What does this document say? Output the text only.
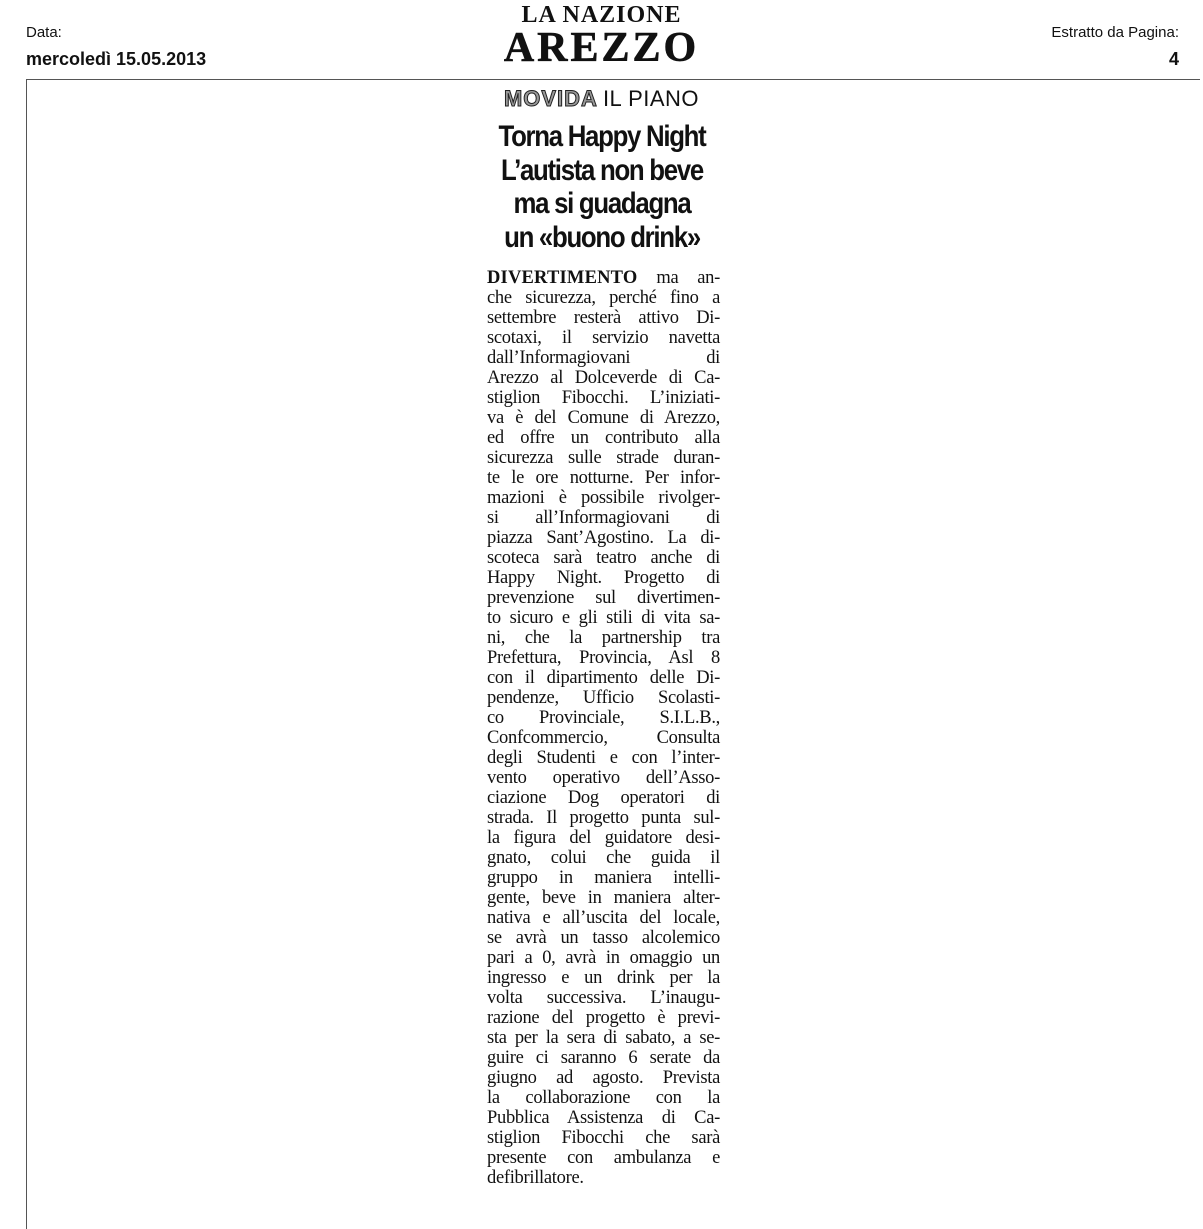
Data:
mercoledì 15.05.2013
LA NAZIONE
AREZZO	Estratto da Pagina:
4
MOVIDA IL PIANO
Torna Happy Night
L’autista non beve
ma si guadagna
un «buono drink»
DIVERTIMENTO ma an-
che sicurezza, perché fino a
settembre resterà attivo Di-
scotaxi, il servizio navetta
dall’Informagiovani di
Arezzo al Dolceverde di Ca-
stiglion Fibocchi. L’iniziati-
va è del Comune di Arezzo,
ed offre un contributo alla
sicurezza sulle strade duran-
te le ore notturne. Per infor-
mazioni è possibile rivolger-
si all’Informagiovani di
piazza Sant’Agostino. La di-
scoteca sarà teatro anche di
Happy Night. Progetto di
prevenzione sul divertimen-
to sicuro e gli stili di vita sa-
ni, che la partnership tra
Prefettura, Provincia, Asl 8
con il dipartimento delle Di-
pendenze, Ufficio Scolasti-
co Provinciale, S.I.L.B.,
Confcommercio, Consulta
degli Studenti e con l’inter-
vento operativo dell’Asso-
ciazione Dog operatori di
strada. Il progetto punta sul-
la figura del guidatore desi-
gnato, colui che guida il
gruppo in maniera intelli-
gente, beve in maniera alter-
nativa e all’uscita del locale,
se avrà un tasso alcolemico
pari a 0, avrà in omaggio un
ingresso e un drink per la
volta successiva. L’inaugu-
razione del progetto è previ-
sta per la sera di sabato, a se-
guire ci saranno 6 serate da
giugno ad agosto. Prevista
la collaborazione con la
Pubblica Assistenza di Ca-
stiglion Fibocchi che sarà
presente con ambulanza e
defibrillatore.
